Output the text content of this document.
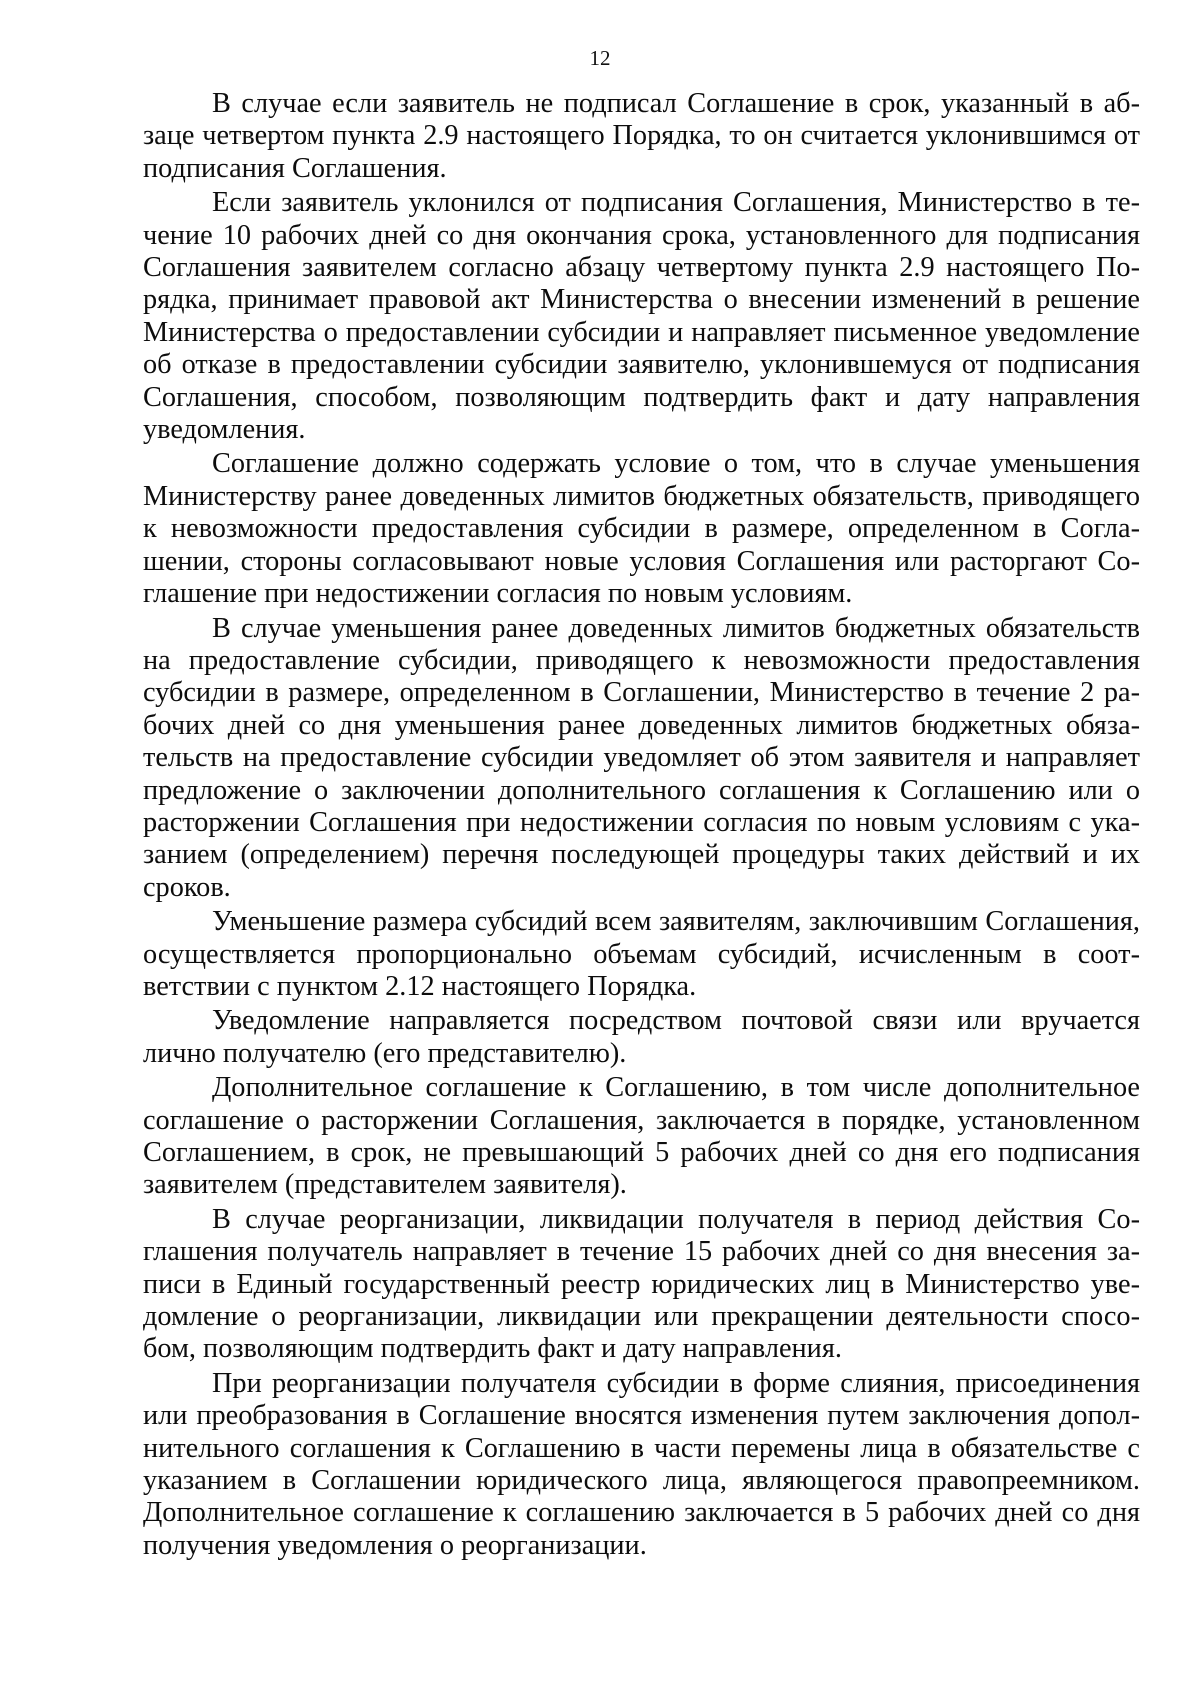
12

В случае если заявитель не подписал Соглашение в срок, указанный в абзаце четвертом пункта 2.9 настоящего Порядка, то он считается уклонившимся от подписания Соглашения.

Если заявитель уклонился от подписания Соглашения, Министерство в течение 10 рабочих дней со дня окончания срока, установленного для подписания Соглашения заявителем согласно абзацу четвертому пункта 2.9 настоящего Порядка, принимает правовой акт Министерства о внесении изменений в решение Министерства о предоставлении субсидии и направляет письменное уведомление об отказе в предоставлении субсидии заявителю, уклонившемуся от подписания Соглашения, способом, позволяющим подтвердить факт и дату направления уведомления.

Соглашение должно содержать условие о том, что в случае уменьшения Министерству ранее доведенных лимитов бюджетных обязательств, приводящего к невозможности предоставления субсидии в размере, определенном в Соглашении, стороны согласовывают новые условия Соглашения или расторгают Соглашение при недостижении согласия по новым условиям.

В случае уменьшения ранее доведенных лимитов бюджетных обязательств на предоставление субсидии, приводящего к невозможности предоставления субсидии в размере, определенном в Соглашении, Министерство в течение 2 рабочих дней со дня уменьшения ранее доведенных лимитов бюджетных обязательств на предоставление субсидии уведомляет об этом заявителя и направляет предложение о заключении дополнительного соглашения к Соглашению или о расторжении Соглашения при недостижении согласия по новым условиям с указанием (определением) перечня последующей процедуры таких действий и их сроков.

Уменьшение размера субсидий всем заявителям, заключившим Соглашения, осуществляется пропорционально объемам субсидий, исчисленным в соответствии с пунктом 2.12 настоящего Порядка.

Уведомление направляется посредством почтовой связи или вручается лично получателю (его представителю).

Дополнительное соглашение к Соглашению, в том числе дополнительное соглашение о расторжении Соглашения, заключается в порядке, установленном Соглашением, в срок, не превышающий 5 рабочих дней со дня его подписания заявителем (представителем заявителя).

В случае реорганизации, ликвидации получателя в период действия Соглашения получатель направляет в течение 15 рабочих дней со дня внесения записи в Единый государственный реестр юридических лиц в Министерство уведомление о реорганизации, ликвидации или прекращении деятельности способом, позволяющим подтвердить факт и дату направления.

При реорганизации получателя субсидии в форме слияния, присоединения или преобразования в Соглашение вносятся изменения путем заключения дополнительного соглашения к Соглашению в части перемены лица в обязательстве с указанием в Соглашении юридического лица, являющегося правопреемником. Дополнительное соглашение к соглашению заключается в 5 рабочих дней со дня получения уведомления о реорганизации.
